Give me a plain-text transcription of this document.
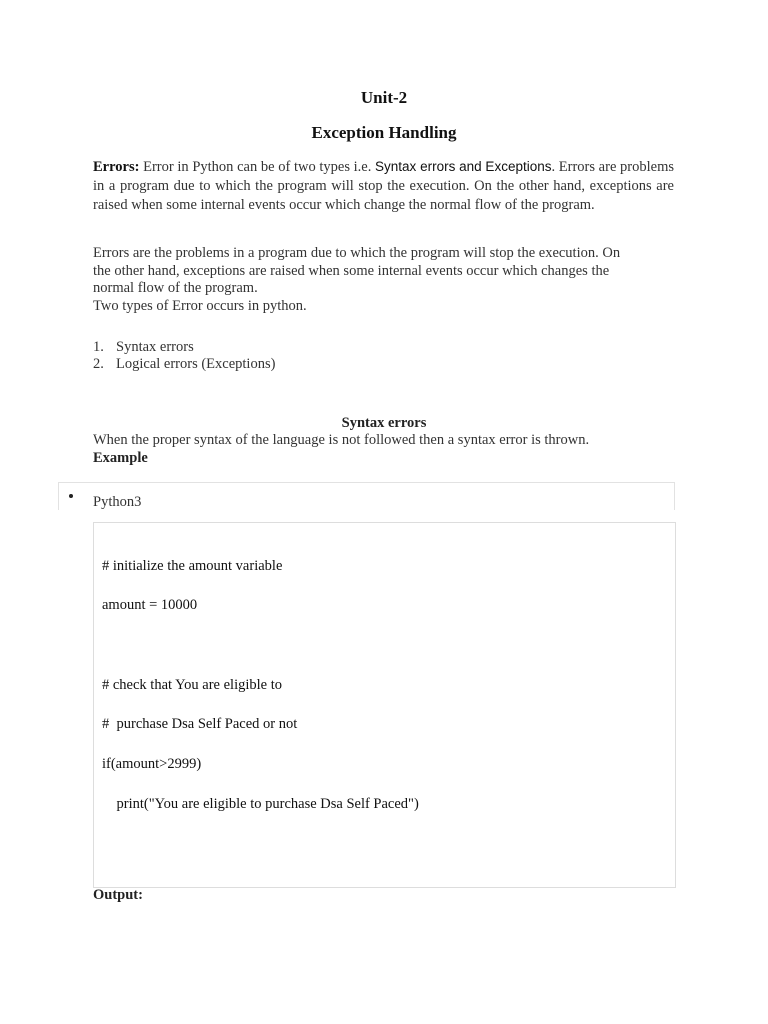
Unit-2
Exception Handling
Errors: Error in Python can be of two types i.e. Syntax errors and Exceptions. Errors are problems in a program due to which the program will stop the execution. On the other hand, exceptions are raised when some internal events occur which change the normal flow of the program.
Errors are the problems in a program due to which the program will stop the execution. On
the other hand, exceptions are raised when some internal events occur which changes the
normal flow of the program.
Two types of Error occurs in python.
1. Syntax errors
2. Logical errors (Exceptions)
Syntax errors
When the proper syntax of the language is not followed then a syntax error is thrown.
Example
Python3
# initialize the amount variable
amount = 10000
# check that You are eligible to
#  purchase Dsa Self Paced or not
if(amount>2999)
print("You are eligible to purchase Dsa Self Paced")
Output:
